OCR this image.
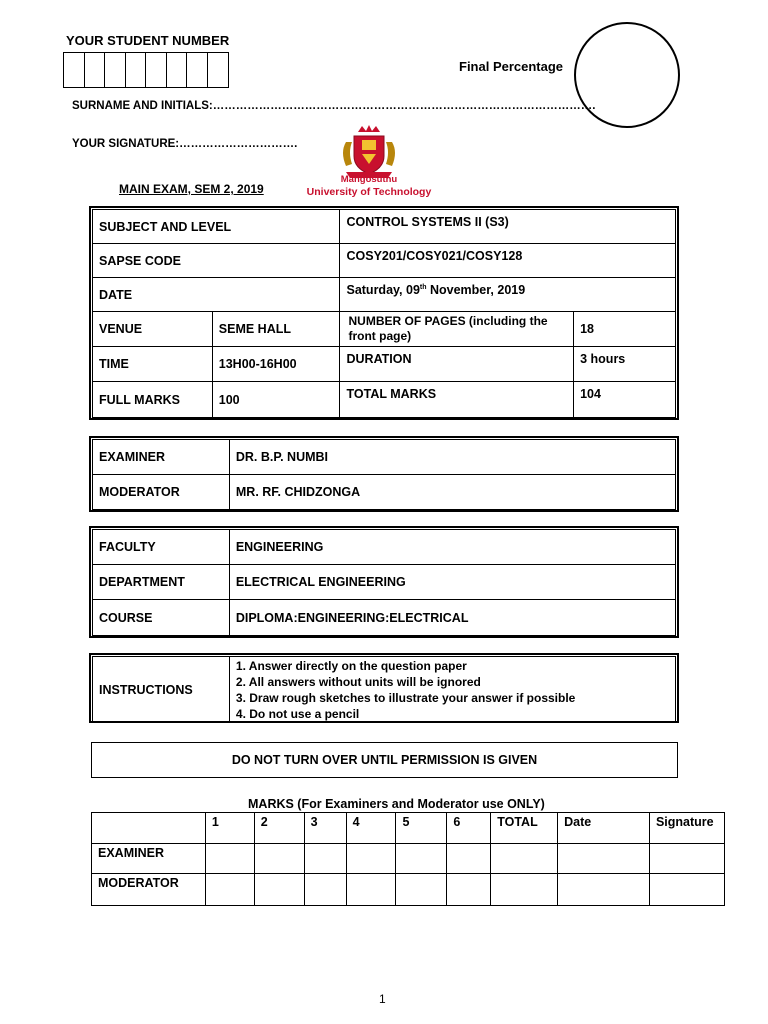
YOUR STUDENT NUMBER
Final Percentage
SURNAME AND INITIALS:……………………………………………………………………………………….
YOUR SIGNATURE:………………………….
MAIN EXAM, SEM 2, 2019
Mangosuthu
University of Technology
SUBJECT AND LEVEL		CONTROL SYSTEMS II (S3)	
SAPSE CODE		COSY201/COSY021/COSY128	
DATE		Saturday, 09th November, 2019	
VENUE	SEME HALL	NUMBER OF PAGES (including the front page)	18
TIME	13H00-16H00	DURATION	3 hours
FULL MARKS	100	TOTAL MARKS	104
EXAMINER	DR. B.P. NUMBI
MODERATOR	MR. RF. CHIDZONGA
FACULTY	ENGINEERING
DEPARTMENT	ELECTRICAL ENGINEERING
COURSE	DIPLOMA:ENGINEERING:ELECTRICAL
INSTRUCTIONS	
1. Answer directly on the question paper
2. All answers without units will be ignored
3. Draw rough sketches to illustrate your answer if possible
4. Do not use a pencil
DO NOT TURN OVER UNTIL PERMISSION IS GIVEN
MARKS (For Examiners and Moderator use ONLY)
	1	2	3	4	5	6	TOTAL	Date	Signature
EXAMINER									
MODERATOR									
1
